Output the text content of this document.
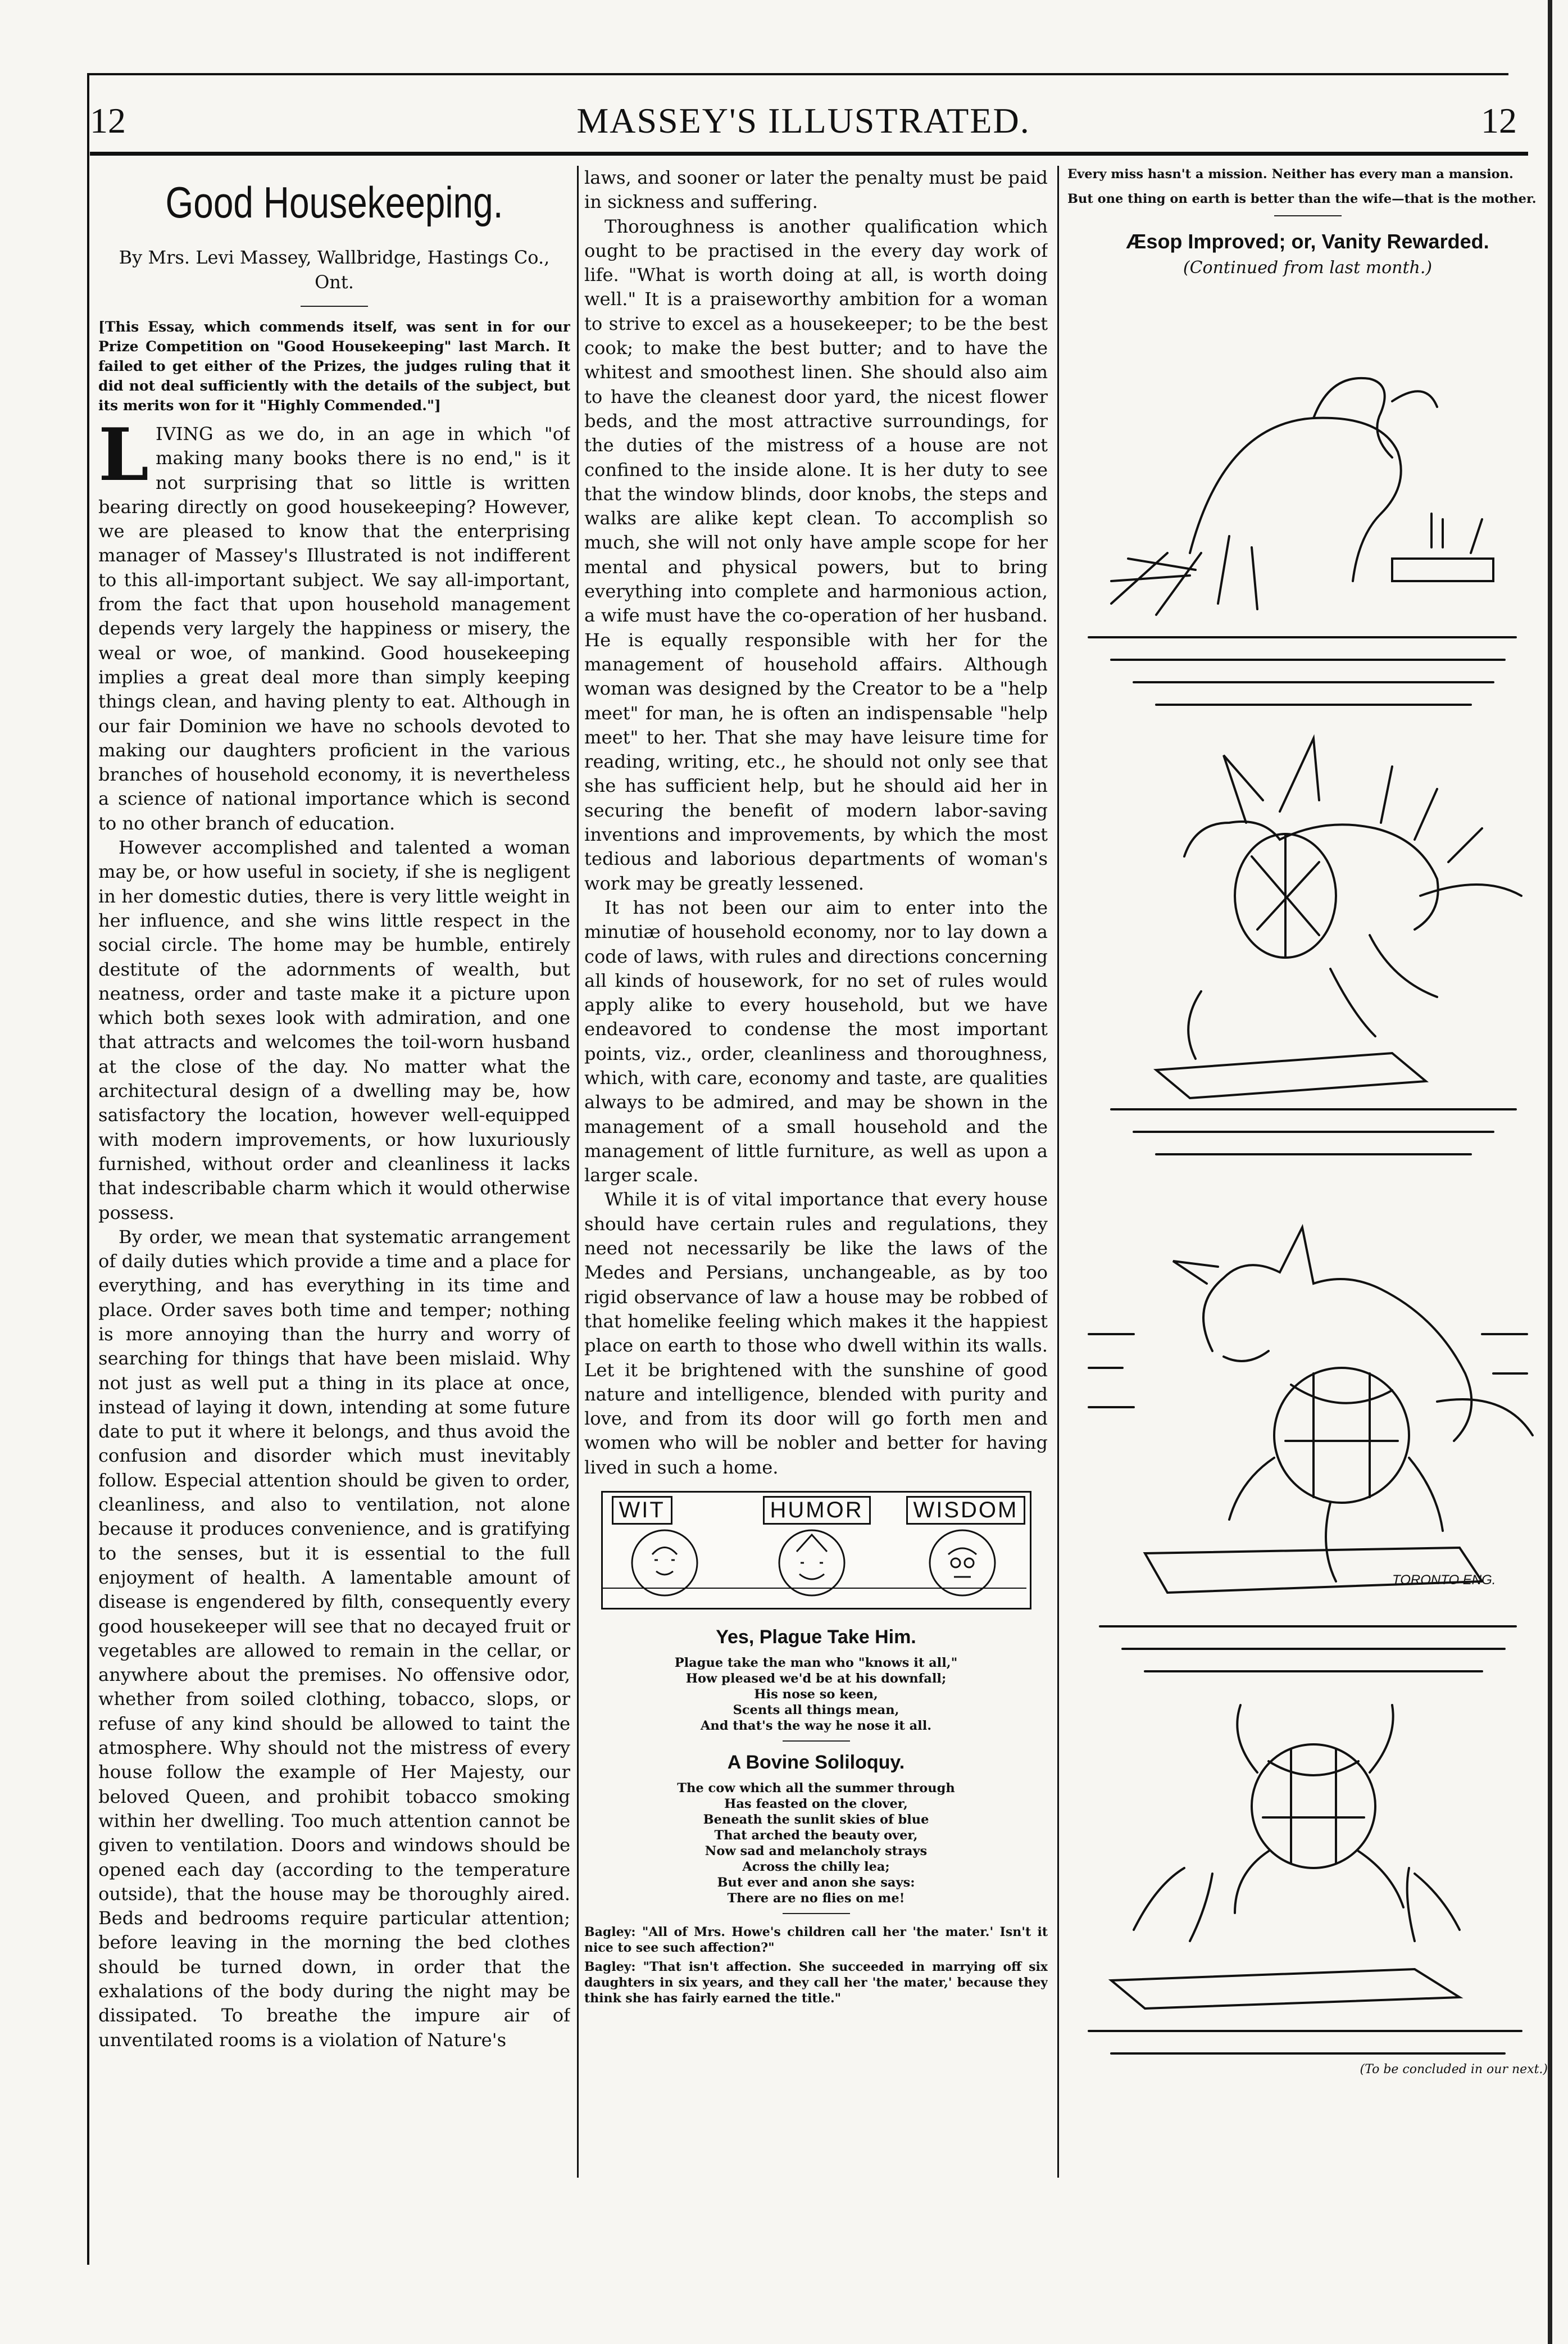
12	MASSEY'S ILLUSTRATED.	12
Good Housekeeping.
By Mrs. Levi Massey, Wallbridge, Hastings Co., Ont.

[This Essay, which commends itself, was sent in for our Prize Competition on "Good Housekeeping" last March. It failed to get either of the Prizes, the judges ruling that it did not deal sufficiently with the details of the subject, but its merits won for it "Highly Commended."]

LIVING as we do, in an age in which "of making many books there is no end," is it not surprising that so little is written bearing directly on good housekeeping? However, we are pleased to know that the enterprising manager of Massey's Illustrated is not indifferent to this all-important subject. We say all-important, from the fact that upon household management depends very largely the happiness or misery, the weal or woe, of mankind. Good housekeeping implies a great deal more than simply keeping things clean, and having plenty to eat. Although in our fair Dominion we have no schools devoted to making our daughters proficient in the various branches of household economy, it is nevertheless a science of national importance which is second to no other branch of education.

However accomplished and talented a woman may be, or how useful in society, if she is negligent in her domestic duties, there is very little weight in her influence, and she wins little respect in the social circle. The home may be humble, entirely destitute of the adornments of wealth, but neatness, order and taste make it a picture upon which both sexes look with admiration, and one that attracts and welcomes the toil-worn husband at the close of the day. No matter what the architectural design of a dwelling may be, how satisfactory the location, however well-equipped with modern improvements, or how luxuriously furnished, without order and cleanliness it lacks that indescribable charm which it would otherwise possess.

By order, we mean that systematic arrangement of daily duties which provide a time and a place for everything, and has everything in its time and place. Order saves both time and temper; nothing is more annoying than the hurry and worry of searching for things that have been mislaid. Why not just as well put a thing in its place at once, instead of laying it down, intending at some future date to put it where it belongs, and thus avoid the confusion and disorder which must inevitably follow. Especial attention should be given to order, cleanliness, and also to ventilation, not alone because it produces convenience, and is gratifying to the senses, but it is essential to the full enjoyment of health. A lamentable amount of disease is engendered by filth, consequently every good housekeeper will see that no decayed fruit or vegetables are allowed to remain in the cellar, or anywhere about the premises. No offensive odor, whether from soiled clothing, tobacco, slops, or refuse of any kind should be allowed to taint the atmosphere. Why should not the mistress of every house follow the example of Her Majesty, our beloved Queen, and prohibit tobacco smoking within her dwelling. Too much attention cannot be given to ventilation. Doors and windows should be opened each day (according to the temperature outside), that the house may be thoroughly aired. Beds and bedrooms require particular attention; before leaving in the morning the bed clothes should be turned down, in order that the exhalations of the body during the night may be dissipated. To breathe the impure air of unventilated rooms is a violation of Nature's

laws, and sooner or later the penalty must be paid in sickness and suffering.

Thoroughness is another qualification which ought to be practised in the every day work of life. "What is worth doing at all, is worth doing well." It is a praiseworthy ambition for a woman to strive to excel as a housekeeper; to be the best cook; to make the best butter; and to have the whitest and smoothest linen. She should also aim to have the cleanest door yard, the nicest flower beds, and the most attractive surroundings, for the duties of the mistress of a house are not confined to the inside alone. It is her duty to see that the window blinds, door knobs, the steps and walks are alike kept clean. To accomplish so much, she will not only have ample scope for her mental and physical powers, but to bring everything into complete and harmonious action, a wife must have the co-operation of her husband. He is equally responsible with her for the management of household affairs. Although woman was designed by the Creator to be a "help meet" for man, he is often an indispensable "help meet" to her. That she may have leisure time for reading, writing, etc., he should not only see that she has sufficient help, but he should aid her in securing the benefit of modern labor-saving inventions and improvements, by which the most tedious and laborious departments of woman's work may be greatly lessened.

It has not been our aim to enter into the minutiæ of household economy, nor to lay down a code of laws, with rules and directions concerning all kinds of housework, for no set of rules would apply alike to every household, but we have endeavored to condense the most important points, viz., order, cleanliness and thoroughness, which, with care, economy and taste, are qualities always to be admired, and may be shown in the management of a small household and the management of little furniture, as well as upon a larger scale.

While it is of vital importance that every house should have certain rules and regulations, they need not necessarily be like the laws of the Medes and Persians, unchangeable, as by too rigid observance of law a house may be robbed of that homelike feeling which makes it the happiest place on earth to those who dwell within its walls. Let it be brightened with the sunshine of good nature and intelligence, blended with purity and love, and from its door will go forth men and women who will be nobler and better for having lived in such a home.

WIT	HUMOR	WISDOM
Yes, Plague Take Him.
Plague take the man who "knows it all,"
How pleased we'd be at his downfall;
His nose so keen,
Scents all things mean,
And that's the way he nose it all.
A Bovine Soliloquy.
The cow which all the summer through
Has feasted on the clover,
Beneath the sunlit skies of blue
That arched the beauty over,
Now sad and melancholy strays
Across the chilly lea;
But ever and anon she says:
There are no flies on me!

Bagley: "All of Mrs. Howe's children call her 'the mater.' Isn't it nice to see such affection?"

Bagley: "That isn't affection. She succeeded in marrying off six daughters in six years, and they call her 'the mater,' because they think she has fairly earned the title."

Every miss hasn't a mission. Neither has every man a mansion.

But one thing on earth is better than the wife—that is the mother.

Æsop Improved; or, Vanity Rewarded.
(Continued from last month.)
TORONTO ENG.
(To be concluded in our next.)
